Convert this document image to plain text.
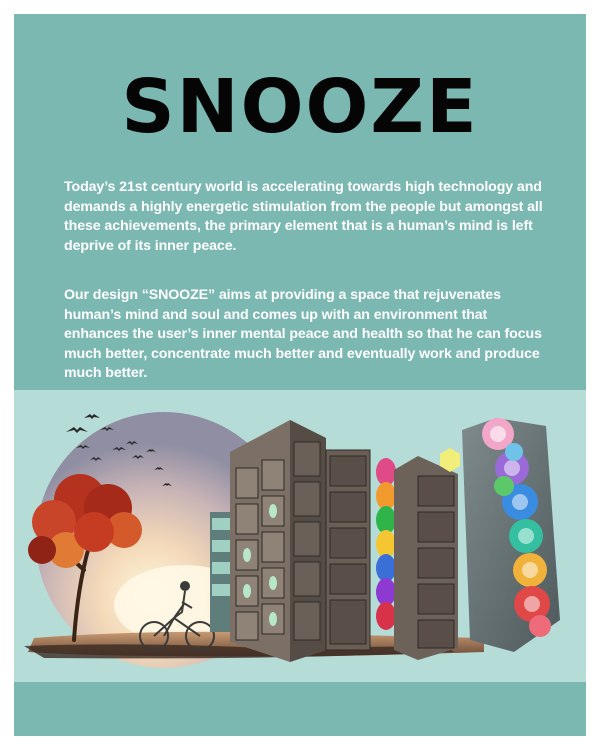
SNOOZE

Today’s 21st century world is accelerating towards high technology and demands a highly energetic stimulation from the people but amongst all these achievements, the primary element that is a human’s mind is left deprive of its inner peace.

Our design “SNOOZE” aims at providing a space that rejuvenates human’s mind and soul and comes up with an environment that enhances the user’s inner mental peace and health so that he can focus much better, concentrate much better and eventually work and produce much better.
